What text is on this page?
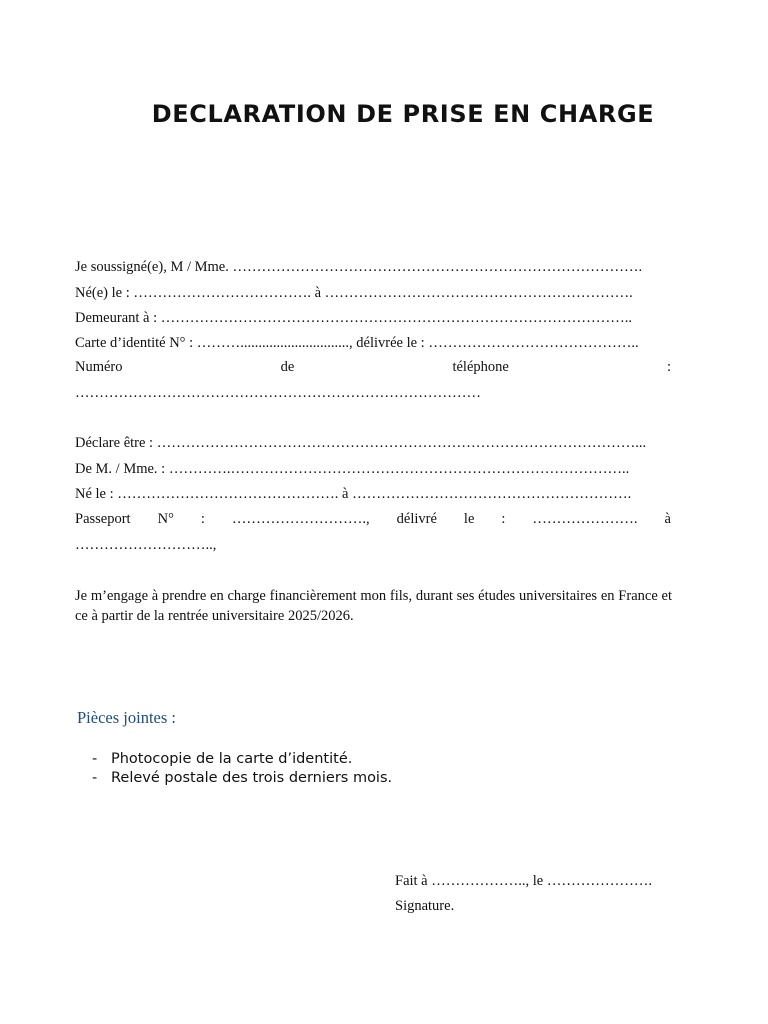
DECLARATION DE PRISE EN CHARGE
Je soussigné(e), M / Mme. ………………………………………………………………………….
Né(e) le : ………………………………. à ……………………………………………………….
Demeurant à : ……………………………………………………………………………………..
Carte d’identité N° : ……….............................., délivrée le : ……………………………………..
Numéro	de	téléphone	:
…………………………………………………………………………
Déclare être : ………………………………………………………………………………………...
De M. / Mme. : ………….………………………………………………………………………..
Né le : ………………………………………. à ………………………………………………….
Passeport N° : ………………………., délivré le : …………………. à
………………………..,
Je m’engage à prendre en charge financièrement mon fils, durant ses études universitaires en France et ce à partir de la rentrée universitaire 2025/2026.
Pièces jointes :
- Photocopie de la carte d’identité.
- Relevé postale des trois derniers mois.
Fait à ……………….., le ………………….
Signature.
